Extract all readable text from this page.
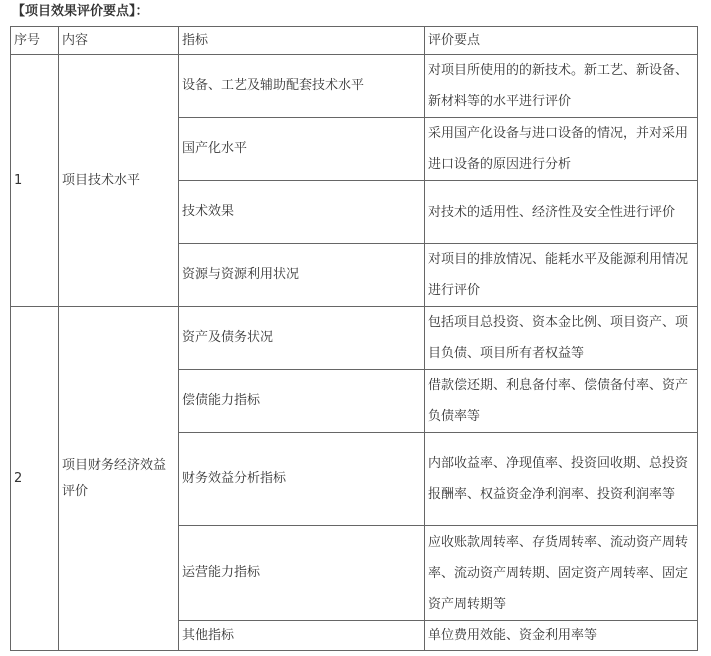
【项目效果评价要点】：
序号	内容	指标	评价要点
1	项目技术水平	设备、工艺及辅助配套技术水平	对项目所使用的的新技术。新工艺、新设备、新材料等的水平进行评价
		国产化水平	采用国产化设备与进口设备的情况，并对采用进口设备的原因进行分析
		技术效果	对技术的适用性、经济性及安全性进行评价
		资源与资源利用状况	对项目的排放情况、能耗水平及能源利用情况进行评价
2	项目财务经济效益评价	资产及债务状况	包括项目总投资、资本金比例、项目资产、项目负债、项目所有者权益等
		偿债能力指标	借款偿还期、利息备付率、偿债备付率、资产负债率等
		财务效益分析指标	内部收益率、净现值率、投资回收期、总投资报酬率、权益资金净利润率、投资利润率等
		运营能力指标	应收账款周转率、存货周转率、流动资产周转率、流动资产周转期、固定资产周转率、固定资产周转期等
		其他指标	单位费用效能、资金利用率等
